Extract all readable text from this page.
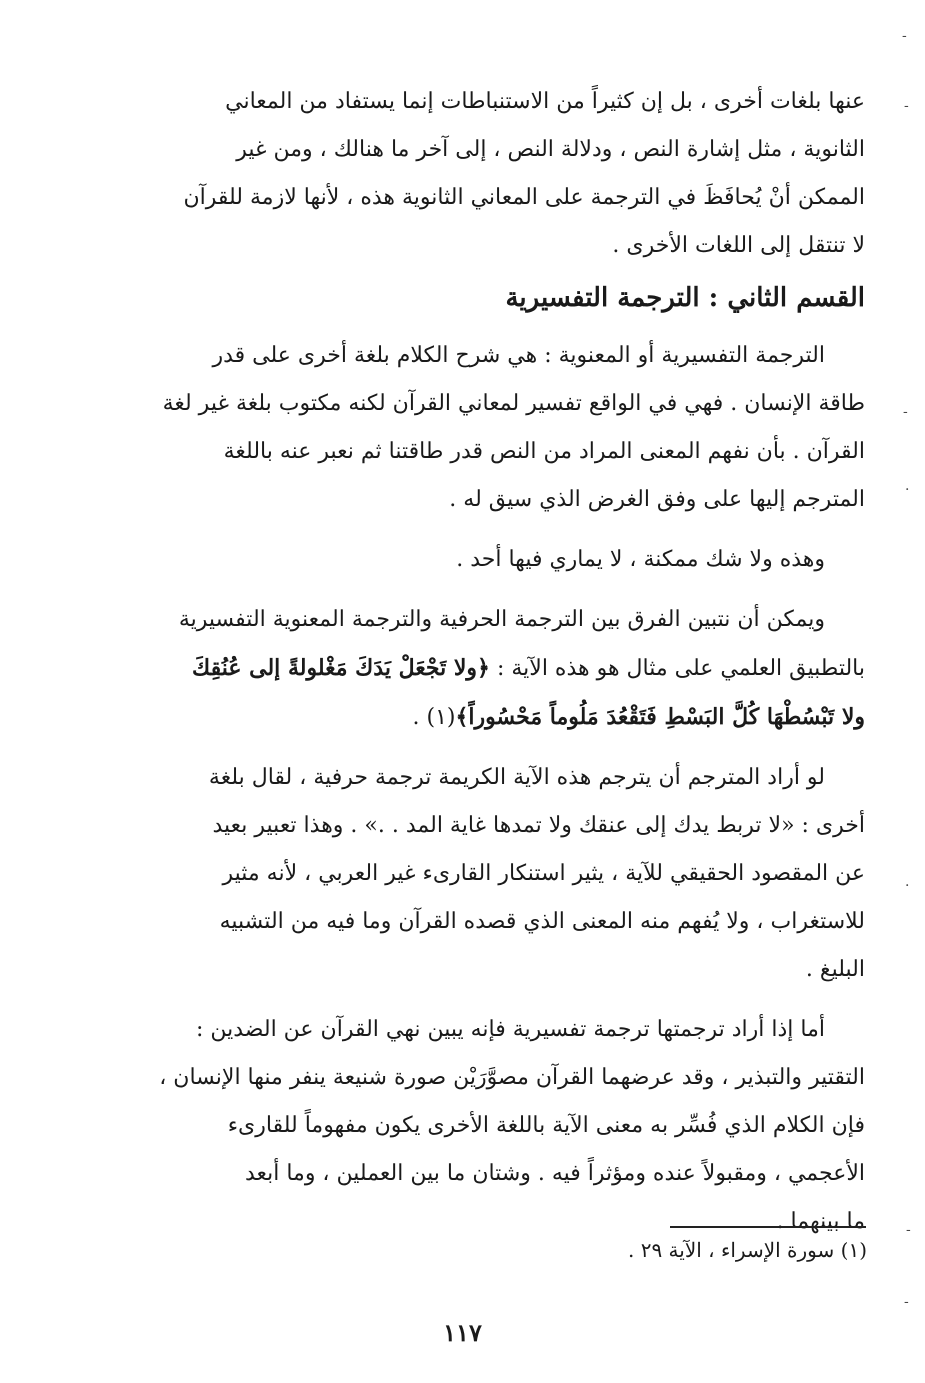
عنها بلغات أخرى ، بل إن كثيراً من الاستنباطات إنما يستفاد من المعاني
الثانوية ، مثل إشارة النص ، ودلالة النص ، إلى آخر ما هنالك ، ومن غير
الممكن أنْ يُحافَظَ في الترجمة على المعاني الثانوية هذه ، لأنها لازمة للقرآن
لا تنتقل إلى اللغات الأخرى .

القسم الثاني : الترجمة التفسيرية

الترجمة التفسيرية أو المعنوية : هي شرح الكلام بلغة أخرى على قدر
طاقة الإنسان . فهي في الواقع تفسير لمعاني القرآن لكنه مكتوب بلغة غير لغة
القرآن . بأن نفهم المعنى المراد من النص قدر طاقتنا ثم نعبر عنه باللغة
المترجم إليها على وفق الغرض الذي سيق له .

وهذه ولا شك ممكنة ، لا يماري فيها أحد .

ويمكن أن نتبين الفرق بين الترجمة الحرفية والترجمة المعنوية التفسيرية
بالتطبيق العلمي على مثال هو هذه الآية : ﴿ولا تَجْعَلْ يَدَكَ مَغْلولةً إلى عُنُقِكَ
ولا تَبْسُطْهَا كُلَّ البَسْطِ فَتَقْعُدَ مَلُوماً مَحْسُوراً﴾(١) .

لو أراد المترجم أن يترجم هذه الآية الكريمة ترجمة حرفية ، لقال بلغة
أخرى : «لا تربط يدك إلى عنقك ولا تمدها غاية المد . .» . وهذا تعبير بعيد
عن المقصود الحقيقي للآية ، يثير استنكار القارىء غير العربي ، لأنه مثير
للاستغراب ، ولا يُفهم منه المعنى الذي قصده القرآن وما فيه من التشبيه
البليغ .

أما إذا أراد ترجمتها ترجمة تفسيرية فإنه يبين نهي القرآن عن الضدين :
التقتير والتبذير ، وقد عرضهما القرآن مصوَّرَيْن صورة شنيعة ينفر منها الإنسان ،
فإن الكلام الذي فُسِّر به معنى الآية باللغة الأخرى يكون مفهوماً للقارىء
الأعجمي ، ومقبولاً عنده ومؤثراً فيه . وشتان ما بين العملين ، وما أبعد
ما بينهما .

(١) سورة الإسراء ، الآية ٢٩ .
١١٧
-
-
-
·
·
-
-
